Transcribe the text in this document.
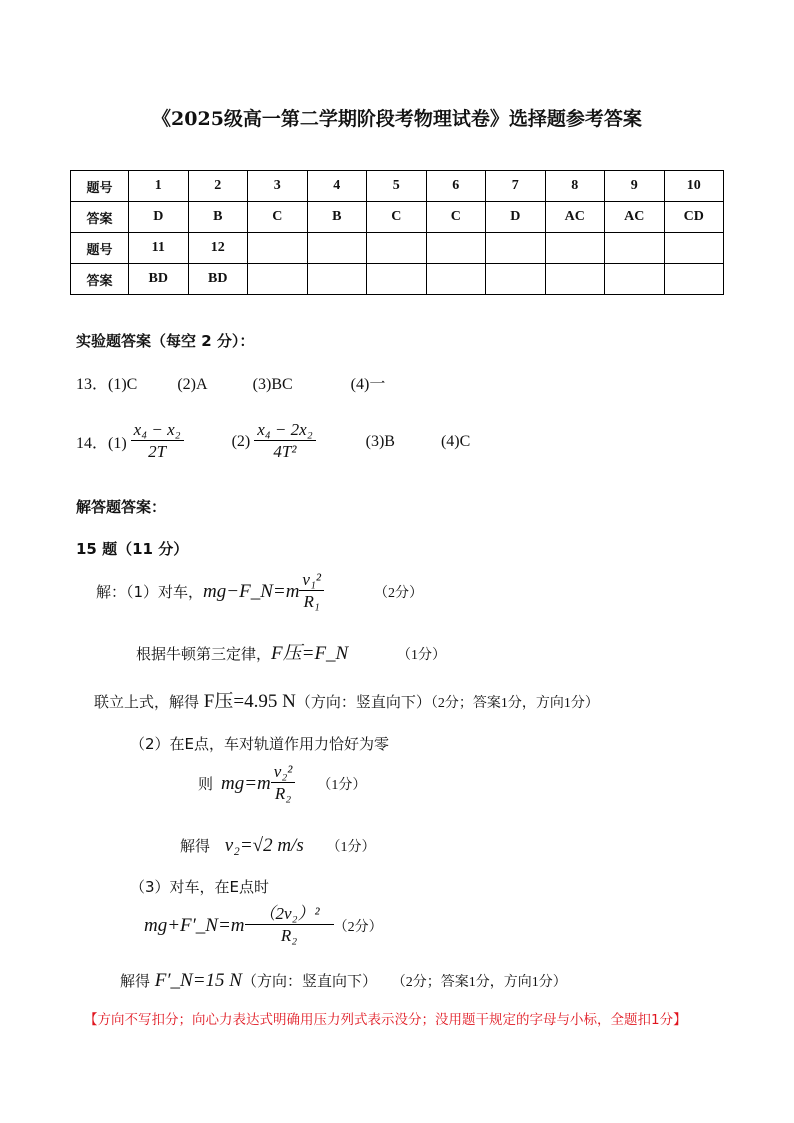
《2025级高一第二学期阶段考物理试卷》选择题参考答案
题号	1	2	3	4	5	6	7	8	9	10
答案	D	B	C	B	C	C	D	AC	AC	CD
题号	11	12								
答案	BD	BD								
实验题答案（每空 2 分）：
13．(1)C	(2)A	(3)BC	(4)一
14．$(1) \frac{\text{x₄ − x₂}}{2T}$	$(2) \frac{\text{x₄ − 2x₂}}{\text{4T²}}$	(3)B	(4)C
解答题答案：
15 题（11 分）
解：（1）对车， mg−F_N=m $\frac{\text{v₁²}}{\text{R₁}}$	（2分）
根据牛顿第三定律，F压=F_N	（1分）
联立上式，解得 F压=4.95 N（方向：竖直向下）（2分；答案1分，方向1分）
（2）在E点，车对轨道作用力恰好为零
则 $mg=m \frac{\text{v₂²}}{\text{R₂}} (1$分）
解得 v₂=√2 m/s （1分）
（3）对车，在E点时
mg+F′_N=m $\frac{\text{（2v₂）²}}{\text{R₂}} (2$分）
解得 F′_N=15 N（方向：竖直向下） （2分；答案1分，方向1分）
【方向不写扣分；向心力表达式明确用压力列式表示没分；没用题干规定的字母与小标，全题扣1分】
